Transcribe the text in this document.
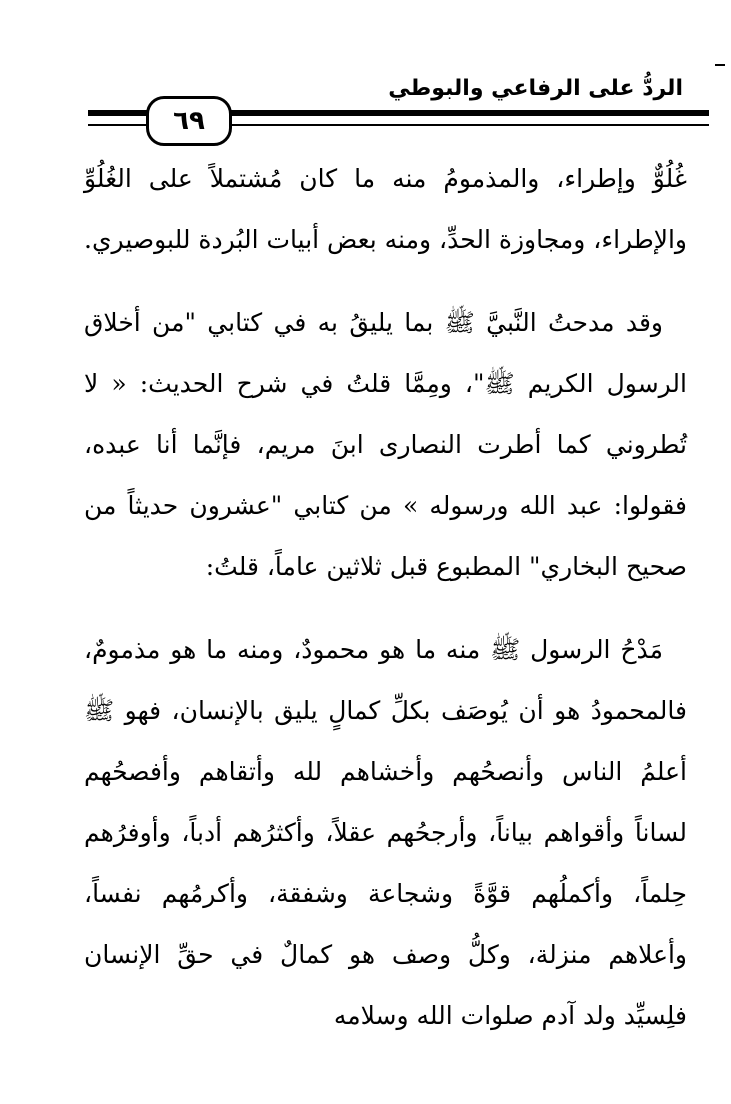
الردُّ على الرفاعي والبوطي
٦٩

غُلُوٌّ وإطراء، والمذمومُ منه ما كان مُشتملاً على الغُلُوِّ والإطراء، ومجاوزة الحدِّ، ومنه بعض أبيات البُردة للبوصيري.

وقد مدحتُ النَّبيَّ ﷺ بما يليقُ به في كتابي "من أخلاق الرسول الكريم ﷺ"، ومِمَّا قلتُ في شرح الحديث: « لا تُطروني كما أطرت النصارى ابنَ مريم، فإنَّما أنا عبده، فقولوا: عبد الله ورسوله » من كتابي "عشرون حديثاً من صحيح البخاري" المطبوع قبل ثلاثين عاماً، قلتُ:

مَدْحُ الرسول ﷺ منه ما هو محمودٌ، ومنه ما هو مذمومٌ، فالمحمودُ هو أن يُوصَف بكلِّ كمالٍ يليق بالإنسان، فهو ﷺ أعلمُ الناس وأنصحُهم وأخشاهم لله وأتقاهم وأفصحُهم لساناً وأقواهم بياناً، وأرجحُهم عقلاً، وأكثرُهم أدباً، وأوفرُهم حِلماً، وأكملُهم قوَّةً وشجاعة وشفقة، وأكرمُهم نفساً، وأعلاهم منزلة، وكلُّ وصف هو كمالٌ في حقِّ الإنسان فلِسيِّد ولد آدم صلوات الله وسلامه
